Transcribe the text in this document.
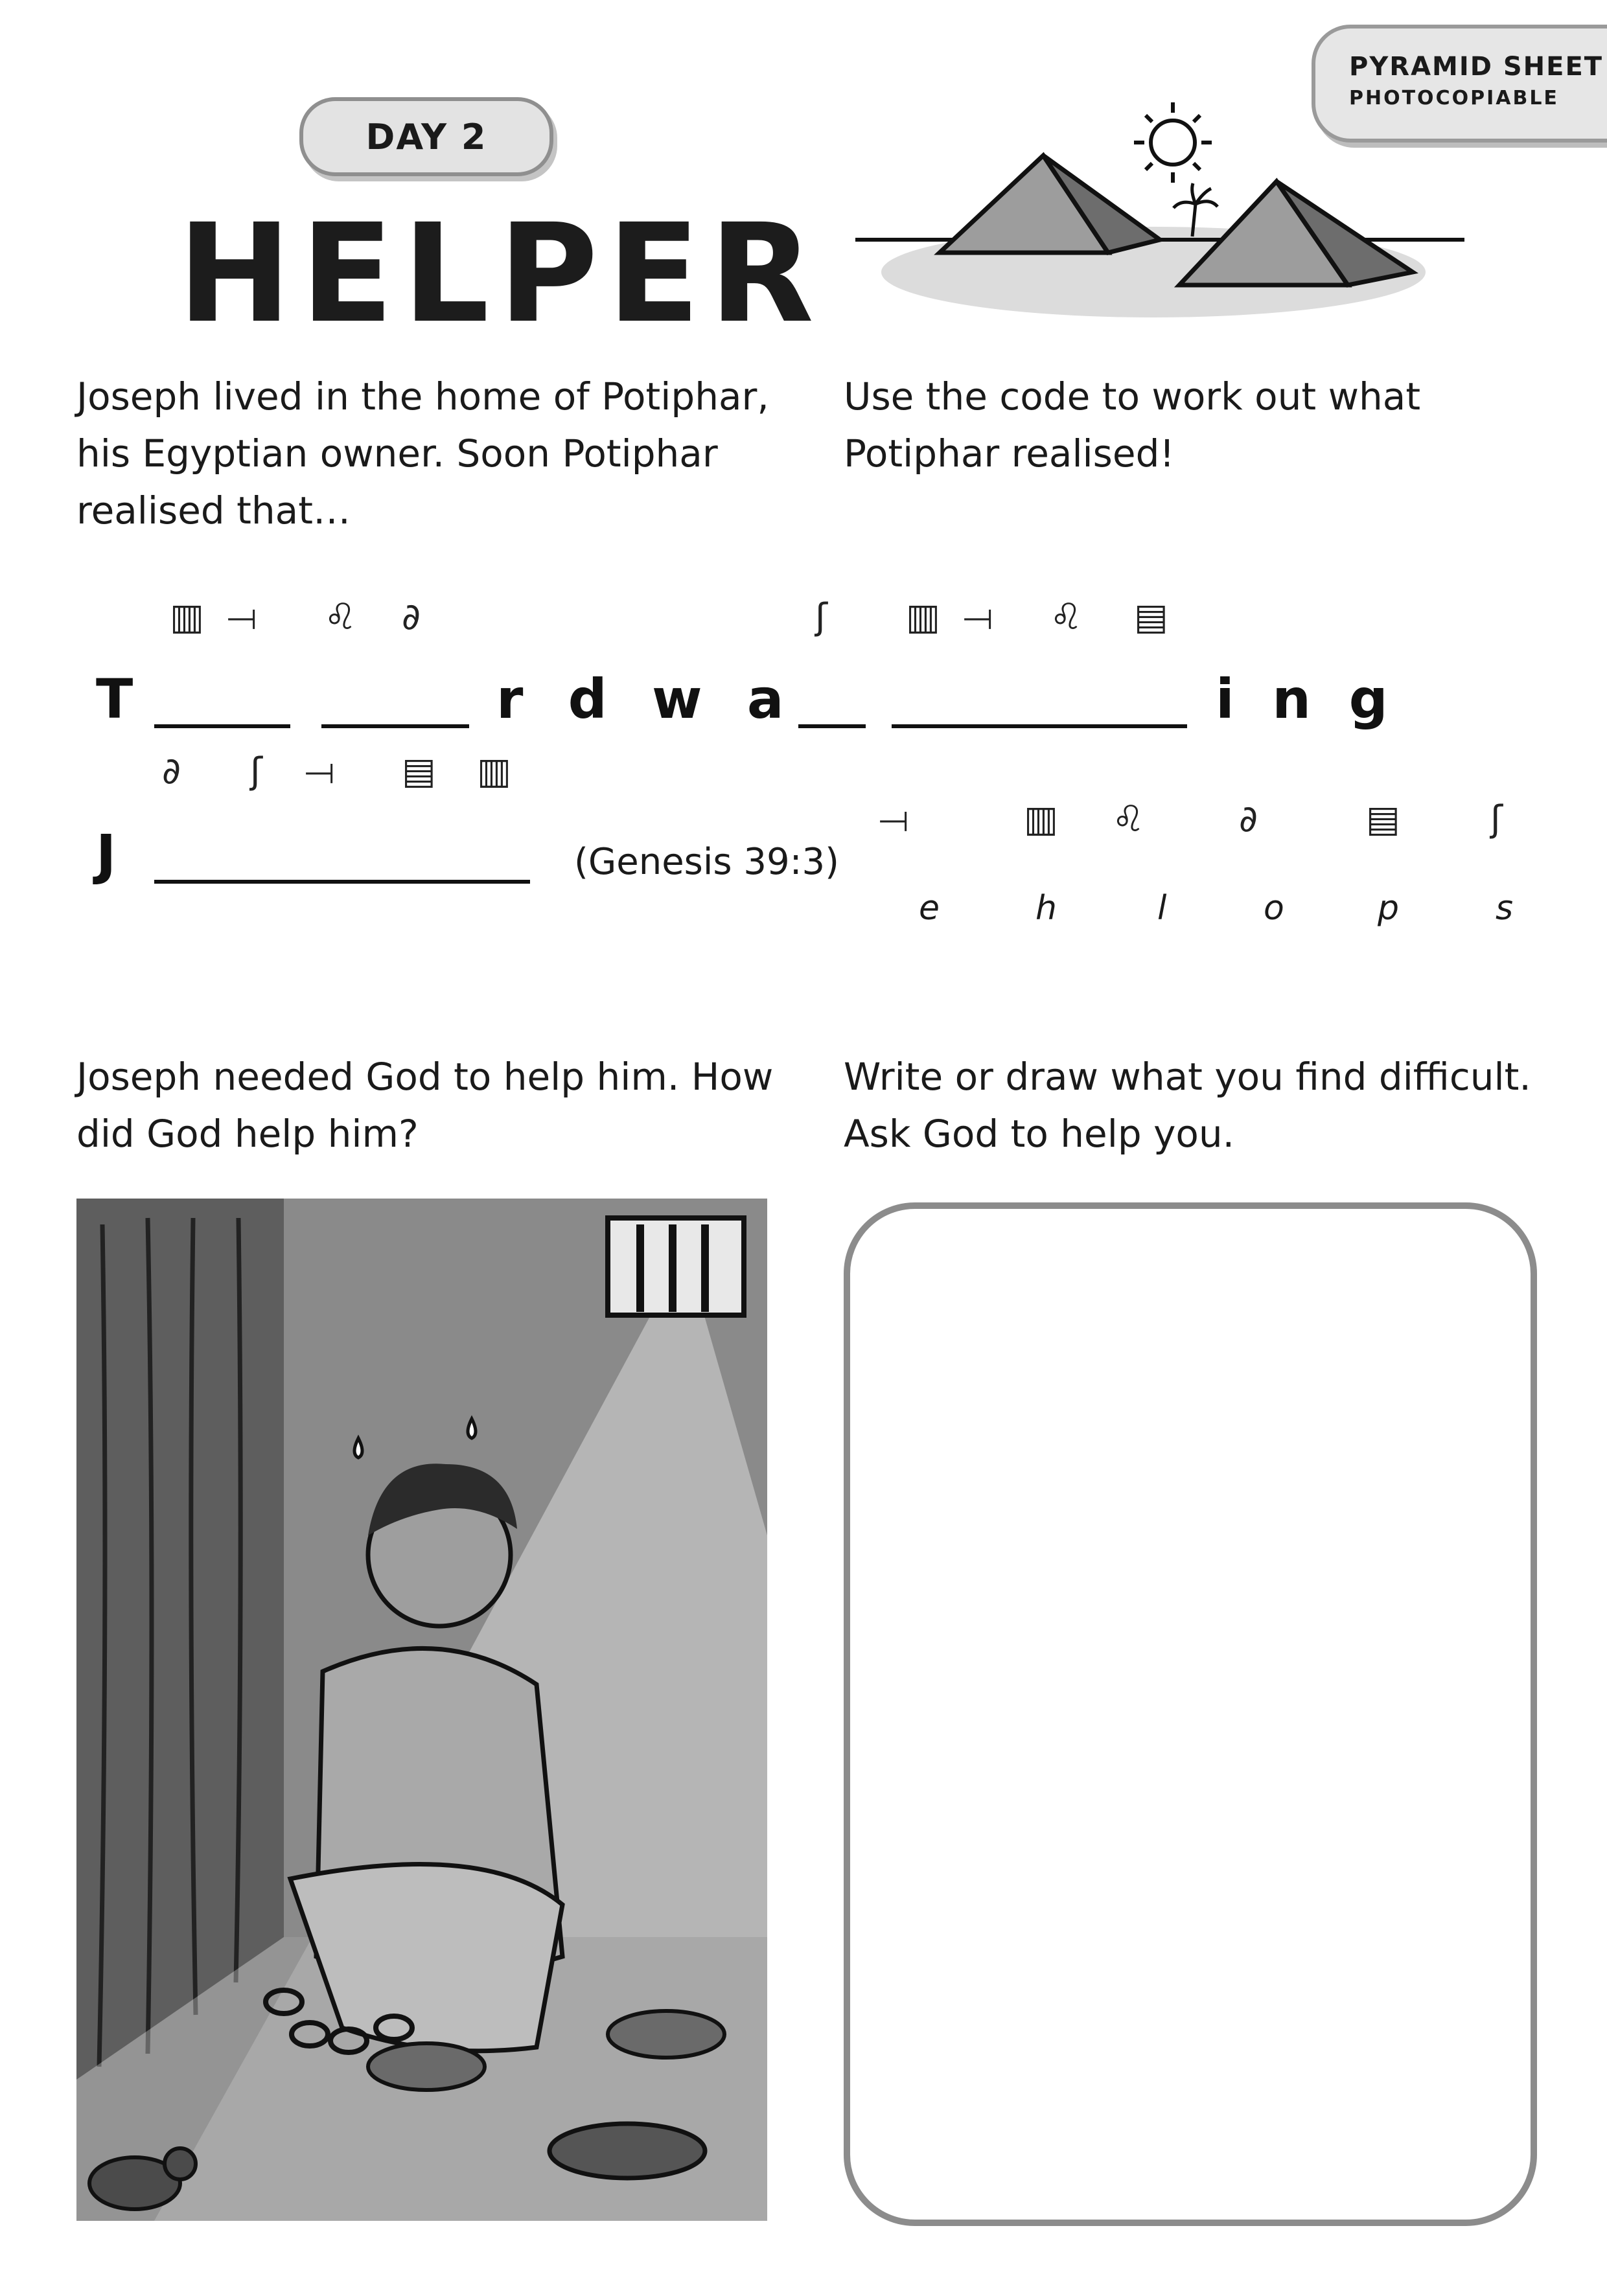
PYRAMID SHEET
PHOTOCOPIABLE
DAY 2
HELPER
Joseph lived in the home of Potiphar,
his Egyptian owner. Soon Potiphar
realised that…
Use the code to work out what
Potiphar realised!
▥ ⟞ ♌ ∂	ʃ ▥ ⟞ ♌ ▤
T	r d w a	i  n  g
∂ ʃ ⟞ ▤ ▥
J	(Genesis 39:3)
⟞	▥ ♌	∂	▤ ʃ
e	h	l	o	p	s
Joseph needed God to help him. How
did God help him?
Write or draw what you find difficult.
Ask God to help you.
